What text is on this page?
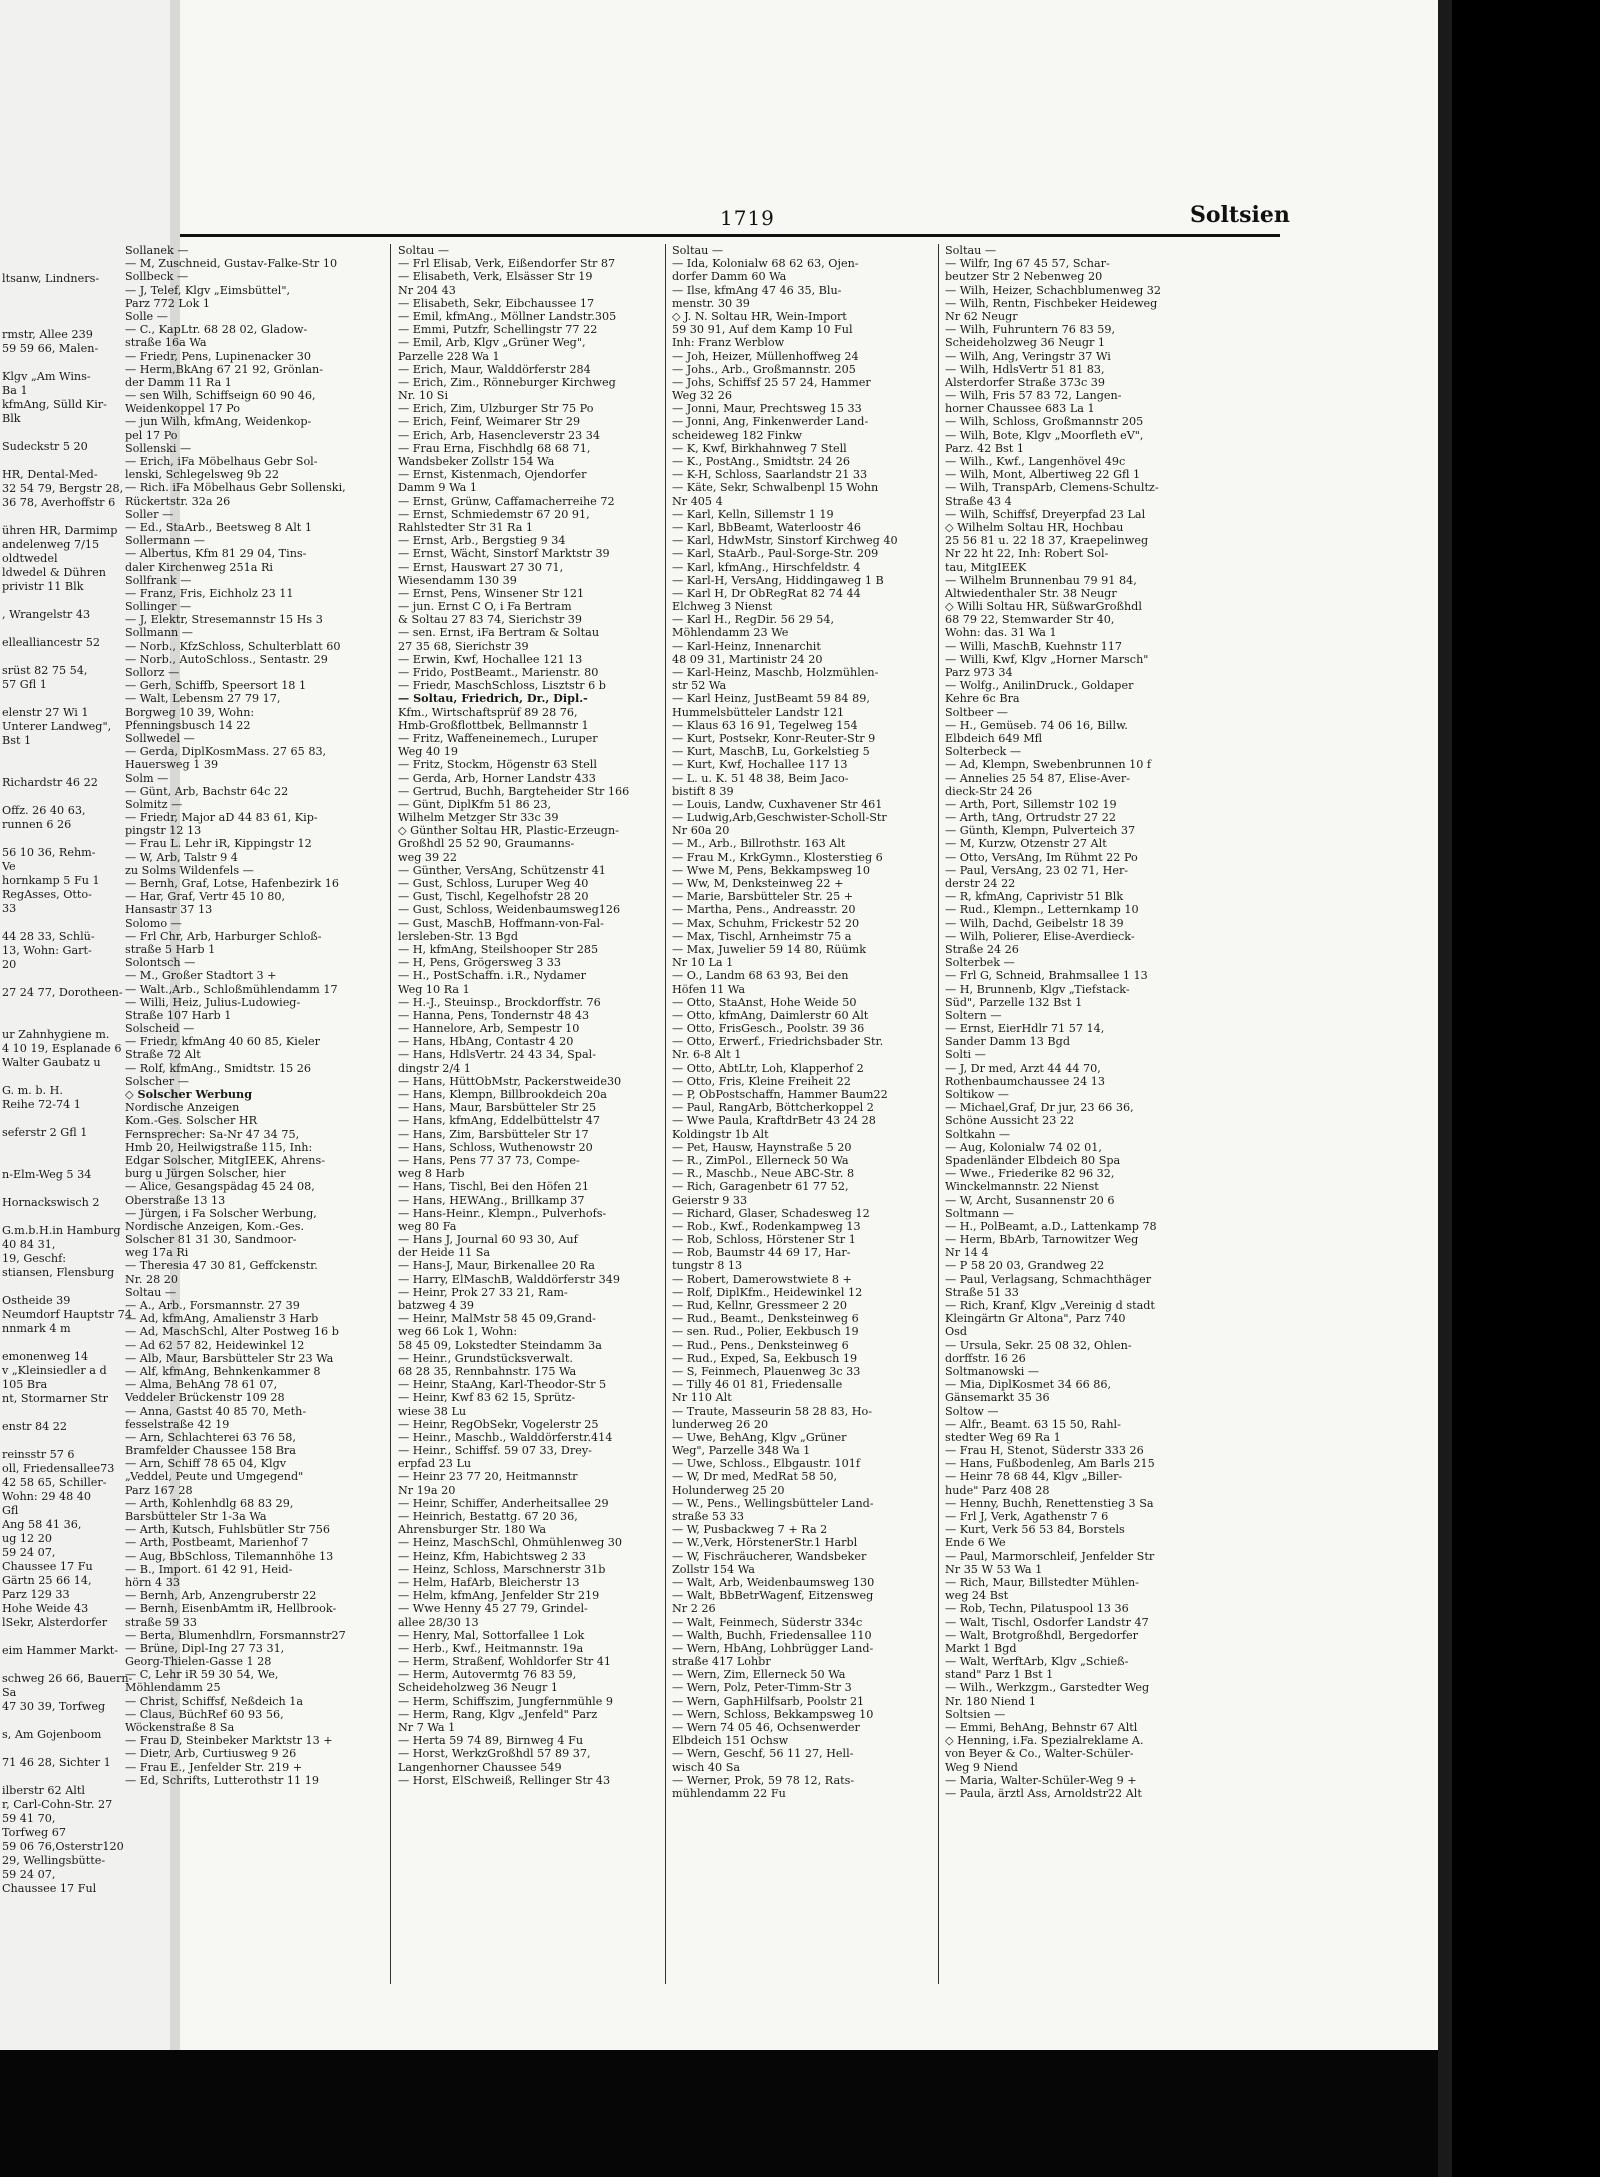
ltsanw, Lindners-
rmstr, Allee 239
59 59 66, Malen-
Klgv „Am Wins-
Ba 1
kfmAng, Sülld Kir-
Blk
Sudeckstr 5 20
HR, Dental-Med-
32 54 79, Bergstr 28,
36 78, Averhoffstr 6
ühren HR, Darmimp
andelenweg 7/15
oldtwedel
ldwedel & Dühren
privistr 11 Blk
, Wrangelstr 43
ellealliancestr 52
srüst 82 75 54,
57 Gfl 1
elenstr 27 Wi 1
Unterer Landweg",
Bst 1
Richardstr 46 22
Offz. 26 40 63,
runnen 6 26
56 10 36, Rehm-
Ve
hornkamp 5 Fu 1
RegAsses, Otto-
33
44 28 33, Schlü-
13, Wohn: Gart-
20
27 24 77, Dorotheen-
ur Zahnhygiene m.
4 10 19, Esplanade 6
Walter Gaubatz u
G. m. b. H.
Reihe 72-74 1
seferstr 2 Gfl 1
n-Elm-Weg 5 34
Hornackswisch 2
G.m.b.H.in Hamburg
40 84 31,
19, Geschf:
stiansen, Flensburg
Ostheide 39
Neumdorf Hauptstr 74
nnmark 4 m
emonenweg 14
v „Kleinsiedler a d
105 Bra
nt, Stormarner Str
enstr 84 22
reinsstr 57 6
oll, Friedensallee73
42 58 65, Schiller-
Wohn: 29 48 40
Gfl
Ang 58 41 36,
ug 12 20
59 24 07,
Chaussee 17 Fu
Gärtn 25 66 14,
Parz 129 33
Hohe Weide 43
lSekr, Alsterdorfer
eim Hammer Markt-
schweg 26 66, Bauern-
Sa
47 30 39, Torfweg
s, Am Gojenboom
71 46 28, Sichter 1
ilberstr 62 Altl
r, Carl-Cohn-Str. 27
59 41 70,
Torfweg 67
59 06 76,Osterstr120
29, Wellingsbütte-
59 24 07,
Chaussee 17 Ful
1719	Soltsien
Sollanek —
— M, Zuschneid, Gustav-Falke-Str 10
Sollbeck —
— J, Telef, Klgv „Eimsbüttel",
Parz 772 Lok 1
Solle —
— C., KapLtr. 68 28 02, Gladow-
straße 16a Wa
— Friedr, Pens, Lupinenacker 30
— Herm,BkAng 67 21 92, Grönlan-
der Damm 11 Ra 1
— sen Wilh, Schiffseign 60 90 46,
Weidenkoppel 17 Po
— jun Wilh, kfmAng, Weidenkop-
pel 17 Po
Sollenski —
— Erich, iFa Möbelhaus Gebr Sol-
lenski, Schlegelsweg 9b 22
— Rich. iFa Möbelhaus Gebr Sollenski,
Rückertstr. 32a 26
Soller —
— Ed., StaArb., Beetsweg 8 Alt 1
Sollermann —
— Albertus, Kfm 81 29 04, Tins-
daler Kirchenweg 251a Ri
Sollfrank —
— Franz, Fris, Eichholz 23 11
Sollinger —
— J, Elektr, Stresemannstr 15 Hs 3
Sollmann —
— Norb., KfzSchloss, Schulterblatt 60
— Norb., AutoSchloss., Sentastr. 29
Sollorz —
— Gerh, Schiffb, Speersort 18 1
— Walt, Lebensm 27 79 17,
Borgweg 10 39, Wohn:
Pfenningsbusch 14 22
Sollwedel —
— Gerda, DiplKosmMass. 27 65 83,
Hauersweg 1 39
Solm —
— Günt, Arb, Bachstr 64c 22
Solmitz —
— Friedr, Major aD 44 83 61, Kip-
pingstr 12 13
— Frau L. Lehr iR, Kippingstr 12
— W, Arb, Talstr 9 4
zu Solms Wildenfels —
— Bernh, Graf, Lotse, Hafenbezirk 16
— Har, Graf, Vertr 45 10 80,
Hansastr 37 13
Solomo —
— Frl Chr, Arb, Harburger Schloß-
straße 5 Harb 1
Solontsch —
— M., Großer Stadtort 3 +
— Walt.,Arb., Schloßmühlendamm 17
— Willi, Heiz, Julius-Ludowieg-
Straße 107 Harb 1
Solscheid —
— Friedr, kfmAng 40 60 85, Kieler
Straße 72 Alt
— Rolf, kfmAng., Smidtstr. 15 26
Solscher —
◇ Solscher Werbung
Nordische Anzeigen
Kom.-Ges. Solscher HR
Fernsprecher: Sa-Nr 47 34 75,
Hmb 20, Heilwigstraße 115, Inh:
Edgar Solscher, MitgIEEK, Ahrens-
burg u Jürgen Solscher, hier
— Alice, Gesangspädag 45 24 08,
Oberstraße 13 13
— Jürgen, i Fa Solscher Werbung,
Nordische Anzeigen, Kom.-Ges.
Solscher 81 31 30, Sandmoor-
weg 17a Ri
— Theresia 47 30 81, Geffckenstr.
Nr. 28 20
Soltau —
— A., Arb., Forsmannstr. 27 39
— Ad, kfmAng, Amalienstr 3 Harb
— Ad, MaschSchl, Alter Postweg 16 b
— Ad 62 57 82, Heidewinkel 12
— Alb, Maur, Barsbütteler Str 23 Wa
— Alf, kfmAng, Behnkenkammer 8
— Alma, BehAng 78 61 07,
Veddeler Brückenstr 109 28
— Anna, Gastst 40 85 70, Meth-
fesselstraße 42 19
— Arn, Schlachterei 63 76 58,
Bramfelder Chaussee 158 Bra
— Arn, Schiff 78 65 04, Klgv
„Veddel, Peute und Umgegend"
Parz 167 28
— Arth, Kohlenhdlg 68 83 29,
Barsbütteler Str 1-3a Wa
— Arth, Kutsch, Fuhlsbütler Str 756
— Arth, Postbeamt, Marienhof 7
— Aug, BbSchloss, Tilemannhöhe 13
— B., Import. 61 42 91, Heid-
hörn 4 33
— Bernh, Arb, Anzengruberstr 22
— Bernh, EisenbAmtm iR, Hellbrook-
straße 59 33
— Berta, Blumenhdlrn, Forsmannstr27
— Brüne, Dipl-Ing 27 73 31,
Georg-Thielen-Gasse 1 28
— C, Lehr iR 59 30 54, We,
Möhlendamm 25
— Christ, Schiffsf, Neßdeich 1a
— Claus, BüchRef 60 93 56,
Wöckenstraße 8 Sa
— Frau D, Steinbeker Marktstr 13 +
— Dietr, Arb, Curtiusweg 9 26
— Frau E., Jenfelder Str. 219 +
— Ed, Schrifts, Lutterothstr 11 19
Soltau —
— Frl Elisab, Verk, Eißendorfer Str 87
— Elisabeth, Verk, Elsässer Str 19
Nr 204 43
— Elisabeth, Sekr, Eibchaussee 17
— Emil, kfmAng., Möllner Landstr.305
— Emmi, Putzfr, Schellingstr 77 22
— Emil, Arb, Klgv „Grüner Weg",
Parzelle 228 Wa 1
— Erich, Maur, Walddörferstr 284
— Erich, Zim., Rönneburger Kirchweg
Nr. 10 Si
— Erich, Zim, Ulzburger Str 75 Po
— Erich, Feinf, Weimarer Str 29
— Erich, Arb, Hasencleverstr 23 34
— Frau Erna, Fischhdlg 68 68 71,
Wandsbeker Zollstr 154 Wa
— Ernst, Kistenmach, Ojendorfer
Damm 9 Wa 1
— Ernst, Grünw, Caffamacherreihe 72
— Ernst, Schmiedemstr 67 20 91,
Rahlstedter Str 31 Ra 1
— Ernst, Arb., Bergstieg 9 34
— Ernst, Wächt, Sinstorf Marktstr 39
— Ernst, Hauswart 27 30 71,
Wiesendamm 130 39
— Ernst, Pens, Winsener Str 121
— jun. Ernst C O, i Fa Bertram
& Soltau 27 83 74, Sierichstr 39
— sen. Ernst, iFa Bertram & Soltau
27 35 68, Sierichstr 39
— Erwin, Kwf, Hochallee 121 13
— Frido, PostBeamt., Marienstr. 80
— Friedr, MaschSchloss, Lisztstr 6 b
— Soltau, Friedrich, Dr., Dipl.-
Kfm., Wirtschaftsprüf 89 28 76,
Hmb-Großflottbek, Bellmannstr 1
— Fritz, Waffeneinemech., Luruper
Weg 40 19
— Fritz, Stockm, Högenstr 63 Stell
— Gerda, Arb, Horner Landstr 433
— Gertrud, Buchh, Bargteheider Str 166
— Günt, DiplKfm 51 86 23,
Wilhelm Metzger Str 33c 39
◇ Günther Soltau HR, Plastic-Erzeugn-
Großhdl 25 52 90, Graumanns-
weg 39 22
— Günther, VersAng, Schützenstr 41
— Gust, Schloss, Luruper Weg 40
— Gust, Tischl, Kegelhofstr 28 20
— Gust, Schloss, Weidenbaumsweg126
— Gust, MaschB, Hoffmann-von-Fal-
lersleben-Str. 13 Bgd
— H, kfmAng, Steilshooper Str 285
— H, Pens, Grögersweg 3 33
— H., PostSchaffn. i.R., Nydamer
Weg 10 Ra 1
— H.-J., Steuinsp., Brockdorffstr. 76
— Hanna, Pens, Tondernstr 48 43
— Hannelore, Arb, Sempestr 10
— Hans, HbAng, Contastr 4 20
— Hans, HdlsVertr. 24 43 34, Spal-
dingstr 2/4 1
— Hans, HüttObMstr, Packerstweide30
— Hans, Klempn, Billbrookdeich 20a
— Hans, Maur, Barsbütteler Str 25
— Hans, kfmAng, Eddelbüttelstr 47
— Hans, Zim, Barsbütteler Str 17
— Hans, Schloss, Wuthenowstr 20
— Hans, Pens 77 37 73, Compe-
weg 8 Harb
— Hans, Tischl, Bei den Höfen 21
— Hans, HEWAng., Brillkamp 37
— Hans-Heinr., Klempn., Pulverhofs-
weg 80 Fa
— Hans J, Journal 60 93 30, Auf
der Heide 11 Sa
— Hans-J, Maur, Birkenallee 20 Ra
— Harry, ElMaschB, Walddörferstr 349
— Heinr, Prok 27 33 21, Ram-
batzweg 4 39
— Heinr, MalMstr 58 45 09,Grand-
weg 66 Lok 1, Wohn:
58 45 09, Lokstedter Steindamm 3a
— Heinr., Grundstücksverwalt.
68 28 35, Rennbahnstr. 175 Wa
— Heinr, StaAng, Karl-Theodor-Str 5
— Heinr, Kwf 83 62 15, Sprütz-
wiese 38 Lu
— Heinr, RegObSekr, Vogelerstr 25
— Heinr., Maschb., Walddörferstr.414
— Heinr., Schiffsf. 59 07 33, Drey-
erpfad 23 Lu
— Heinr 23 77 20, Heitmannstr
Nr 19a 20
— Heinr, Schiffer, Anderheitsallee 29
— Heinrich, Bestattg. 67 20 36,
Ahrensburger Str. 180 Wa
— Heinz, MaschSchl, Ohmühlenweg 30
— Heinz, Kfm, Habichtsweg 2 33
— Heinz, Schloss, Marschnerstr 31b
— Helm, HafArb, Bleicherstr 13
— Helm, kfmAng, Jenfelder Str 219
— Wwe Henny 45 27 79, Grindel-
allee 28/30 13
— Henry, Mal, Sottorfallee 1 Lok
— Herb., Kwf., Heitmannstr. 19a
— Herm, Straßenf, Wohldorfer Str 41
— Herm, Autovermtg 76 83 59,
Scheideholzweg 36 Neugr 1
— Herm, Schiffszim, Jungfernmühle 9
— Herm, Rang, Klgv „Jenfeld" Parz
Nr 7 Wa 1
— Herta 59 74 89, Birnweg 4 Fu
— Horst, WerkzGroßhdl 57 89 37,
Langenhorner Chaussee 549
— Horst, ElSchweiß, Rellinger Str 43
Soltau —
— Ida, Kolonialw 68 62 63, Ojen-
dorfer Damm 60 Wa
— Ilse, kfmAng 47 46 35, Blu-
menstr. 30 39
◇ J. N. Soltau HR, Wein-Import
59 30 91, Auf dem Kamp 10 Ful
Inh: Franz Werblow
— Joh, Heizer, Müllenhoffweg 24
— Johs., Arb., Großmannstr. 205
— Johs, Schiffsf 25 57 24, Hammer
Weg 32 26
— Jonni, Maur, Prechtsweg 15 33
— Jonni, Ang, Finkenwerder Land-
scheideweg 182 Finkw
— K, Kwf, Birkhahnweg 7 Stell
— K., PostAng., Smidtstr. 24 26
— K-H, Schloss, Saarlandstr 21 33
— Käte, Sekr, Schwalbenpl 15 Wohn
Nr 405 4
— Karl, Kelln, Sillemstr 1 19
— Karl, BbBeamt, Waterloostr 46
— Karl, HdwMstr, Sinstorf Kirchweg 40
— Karl, StaArb., Paul-Sorge-Str. 209
— Karl, kfmAng., Hirschfeldstr. 4
— Karl-H, VersAng, Hiddingaweg 1 B
— Karl H, Dr ObRegRat 82 74 44
Elchweg 3 Nienst
— Karl H., RegDir. 56 29 54,
Möhlendamm 23 We
— Karl-Heinz, Innenarchit
48 09 31, Martinistr 24 20
— Karl-Heinz, Maschb, Holzmühlen-
str 52 Wa
— Karl Heinz, JustBeamt 59 84 89,
Hummelsbütteler Landstr 121
— Klaus 63 16 91, Tegelweg 154
— Kurt, Postsekr, Konr-Reuter-Str 9
— Kurt, MaschB, Lu, Gorkelstieg 5
— Kurt, Kwf, Hochallee 117 13
— L. u. K. 51 48 38, Beim Jaco-
bistift 8 39
— Louis, Landw, Cuxhavener Str 461
— Ludwig,Arb,Geschwister-Scholl-Str
Nr 60a 20
— M., Arb., Billrothstr. 163 Alt
— Frau M., KrkGymn., Klosterstieg 6
— Wwe M, Pens, Bekkampsweg 10
— Ww, M, Denksteinweg 22 +
— Marie, Barsbütteler Str. 25 +
— Martha, Pens., Andreasstr. 20
— Max, Schuhm, Frickestr 52 20
— Max, Tischl, Arnheimstr 75 a
— Max, Juwelier 59 14 80, Rüümk
Nr 10 La 1
— O., Landm 68 63 93, Bei den
Höfen 11 Wa
— Otto, StaAnst, Hohe Weide 50
— Otto, kfmAng, Daimlerstr 60 Alt
— Otto, FrisGesch., Poolstr. 39 36
— Otto, Erwerf., Friedrichsbader Str.
Nr. 6-8 Alt 1
— Otto, AbtLtr, Loh, Klapperhof 2
— Otto, Fris, Kleine Freiheit 22
— P, ObPostschaffn, Hammer Baum22
— Paul, RangArb, Böttcherkoppel 2
— Wwe Paula, KraftdrBetr 43 24 28
Koldingstr 1b Alt
— Pet, Hausw, Haynstraße 5 20
— R., ZimPol., Ellerneck 50 Wa
— R., Maschb., Neue ABC-Str. 8
— Rich, Garagenbetr 61 77 52,
Geierstr 9 33
— Richard, Glaser, Schadesweg 12
— Rob., Kwf., Rodenkampweg 13
— Rob, Schloss, Hörstener Str 1
— Rob, Baumstr 44 69 17, Har-
tungstr 8 13
— Robert, Damerowstwiete 8 +
— Rolf, DiplKfm., Heidewinkel 12
— Rud, Kellnr, Gressmeer 2 20
— Rud., Beamt., Denksteinweg 6
— sen. Rud., Polier, Eekbusch 19
— Rud., Pens., Denksteinweg 6
— Rud., Exped, Sa, Eekbusch 19
— S, Feinmech, Plauenweg 3c 33
— Tilly 46 01 81, Friedensalle
Nr 110 Alt
— Traute, Masseurin 58 28 83, Ho-
lunderweg 26 20
— Uwe, BehAng, Klgv „Grüner
Weg", Parzelle 348 Wa 1
— Uwe, Schloss., Elbgaustr. 101f
— W, Dr med, MedRat 58 50,
Holunderweg 25 20
— W., Pens., Wellingsbütteler Land-
straße 53 33
— W, Pusbackweg 7 + Ra 2
— W.,Verk, HörstenerStr.1 Harbl
— W, Fischräucherer, Wandsbeker
Zollstr 154 Wa
— Walt, Arb, Weidenbaumsweg 130
— Walt, BbBetrWagenf, Eitzensweg
Nr 2 26
— Walt, Feinmech, Süderstr 334c
— Walth, Buchh, Friedensallee 110
— Wern, HbAng, Lohbrügger Land-
straße 417 Lohbr
— Wern, Zim, Ellerneck 50 Wa
— Wern, Polz, Peter-Timm-Str 3
— Wern, GaphHilfsarb, Poolstr 21
— Wern, Schloss, Bekkampsweg 10
— Wern 74 05 46, Ochsenwerder
Elbdeich 151 Ochsw
— Wern, Geschf, 56 11 27, Hell-
wisch 40 Sa
— Werner, Prok, 59 78 12, Rats-
mühlendamm 22 Fu
Soltau —
— Wilfr, Ing 67 45 57, Schar-
beutzer Str 2 Nebenweg 20
— Wilh, Heizer, Schachblumenweg 32
— Wilh, Rentn, Fischbeker Heideweg
Nr 62 Neugr
— Wilh, Fuhruntern 76 83 59,
Scheideholzweg 36 Neugr 1
— Wilh, Ang, Veringstr 37 Wi
— Wilh, HdlsVertr 51 81 83,
Alsterdorfer Straße 373c 39
— Wilh, Fris 57 83 72, Langen-
horner Chaussee 683 La 1
— Wilh, Schloss, Großmannstr 205
— Wilh, Bote, Klgv „Moorfleth eV",
Parz. 42 Bst 1
— Wilh., Kwf., Langenhövel 49c
— Wilh, Mont, Albertiweg 22 Gfl 1
— Wilh, TranspArb, Clemens-Schultz-
Straße 43 4
— Wilh, Schiffsf, Dreyerpfad 23 Lal
◇ Wilhelm Soltau HR, Hochbau
25 56 81 u. 22 18 37, Kraepelinweg
Nr 22 ht 22, Inh: Robert Sol-
tau, MitgIEEK
— Wilhelm Brunnenbau 79 91 84,
Altwiedenthaler Str. 38 Neugr
◇ Willi Soltau HR, SüßwarGroßhdl
68 79 22, Stemwarder Str 40,
Wohn: das. 31 Wa 1
— Willi, MaschB, Kuehnstr 117
— Willi, Kwf, Klgv „Horner Marsch"
Parz 973 34
— Wolfg., AnilinDruck., Goldaper
Kehre 6c Bra
Soltbeer —
— H., Gemüseb. 74 06 16, Billw.
Elbdeich 649 Mfl
Solterbeck —
— Ad, Klempn, Swebenbrunnen 10 f
— Annelies 25 54 87, Elise-Aver-
dieck-Str 24 26
— Arth, Port, Sillemstr 102 19
— Arth, tAng, Ortrudstr 27 22
— Günth, Klempn, Pulverteich 37
— M, Kurzw, Otzenstr 27 Alt
— Otto, VersAng, Im Rühmt 22 Po
— Paul, VersAng, 23 02 71, Her-
derstr 24 22
— R, kfmAng, Caprivistr 51 Blk
— Rud., Klempn., Letternkamp 10
— Wilh, Dachd, Geibelstr 18 39
— Wilh, Polierer, Elise-Averdieck-
Straße 24 26
Solterbek —
— Frl G, Schneid, Brahmsallee 1 13
— H, Brunnenb, Klgv „Tiefstack-
Süd", Parzelle 132 Bst 1
Soltern —
— Ernst, EierHdlr 71 57 14,
Sander Damm 13 Bgd
Solti —
— J, Dr med, Arzt 44 44 70,
Rothenbaumchaussee 24 13
Soltikow —
— Michael,Graf, Dr jur, 23 66 36,
Schöne Aussicht 23 22
Soltkahn —
— Aug, Kolonialw 74 02 01,
Spadenländer Elbdeich 80 Spa
— Wwe., Friederike 82 96 32,
Winckelmannstr. 22 Nienst
— W, Archt, Susannenstr 20 6
Soltmann —
— H., PolBeamt, a.D., Lattenkamp 78
— Herm, BbArb, Tarnowitzer Weg
Nr 14 4
— P 58 20 03, Grandweg 22
— Paul, Verlagsang, Schmachthäger
Straße 51 33
— Rich, Kranf, Klgv „Vereinig d stadt
Kleingärtn Gr Altona", Parz 740
Osd
— Ursula, Sekr. 25 08 32, Ohlen-
dorffstr. 16 26
Soltmanowski —
— Mia, DiplKosmet 34 66 86,
Gänsemarkt 35 36
Soltow —
— Alfr., Beamt. 63 15 50, Rahl-
stedter Weg 69 Ra 1
— Frau H, Stenot, Süderstr 333 26
— Hans, Fußbodenleg, Am Barls 215
— Heinr 78 68 44, Klgv „Biller-
hude" Parz 408 28
— Henny, Buchh, Renettenstieg 3 Sa
— Frl J, Verk, Agathenstr 7 6
— Kurt, Verk 56 53 84, Borstels
Ende 6 We
— Paul, Marmorschleif, Jenfelder Str
Nr 35 W 53 Wa 1
— Rich, Maur, Billstedter Mühlen-
weg 24 Bst
— Rob, Techn, Pilatuspool 13 36
— Walt, Tischl, Osdorfer Landstr 47
— Walt, Brotgroßhdl, Bergedorfer
Markt 1 Bgd
— Walt, WerftArb, Klgv „Schieß-
stand" Parz 1 Bst 1
— Wilh., Werkzgm., Garstedter Weg
Nr. 180 Niend 1
Soltsien —
— Emmi, BehAng, Behnstr 67 Altl
◇ Henning, i.Fa. Spezialreklame A.
von Beyer & Co., Walter-Schüler-
Weg 9 Niend
— Maria, Walter-Schüler-Weg 9 +
— Paula, ärztl Ass, Arnoldstr22 Alt
